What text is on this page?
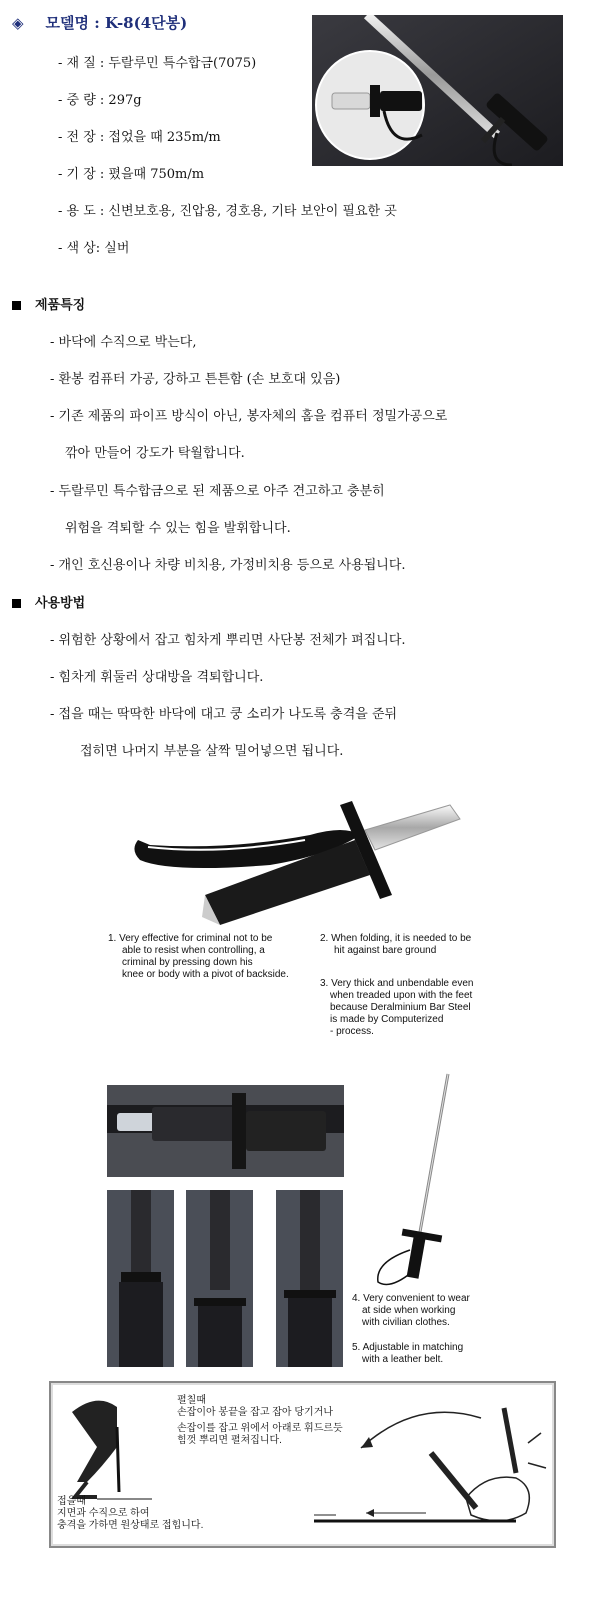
◈ 모델명 : K-8(4단봉)
- 재 질 : 두랄루민 특수합금(7075)
- 중 량 : 297g
- 전 장 : 접었을 때 235m/m
- 기 장 : 폈을때 750m/m
- 용 도 : 신변보호용, 진압용, 경호용, 기타 보안이 필요한 곳
- 색 상: 실버
제품특징
- 바닥에 수직으로 박는다,
- 환봉 컴퓨터 가공, 강하고 튼튼함 (손 보호대 있음)
- 기존 제품의 파이프 방식이 아닌, 봉자체의 홈을 컴퓨터 정밀가공으로
깎아 만들어 강도가 탁월합니다.
- 두랄루민 특수합금으로 된 제품으로 아주 견고하고 충분히
위험을 격퇴할 수 있는 힘을 발휘합니다.
- 개인 호신용이나 차량 비치용, 가정비치용 등으로 사용됩니다.
사용방법
- 위험한 상황에서 잡고 힘차게 뿌리면 사단봉 전체가 펴집니다.
- 힘차게 휘둘러 상대방을 격퇴합니다.
- 접을 때는 딱딱한 바닥에 대고 쿵 소리가 나도록 충격을 준뒤
접히면 나머지 부분을 살짝 밀어넣으면 됩니다.
1. Very effective for criminal not to be
able to resist when controlling, a
criminal by pressing down his
knee or body with a pivot of backside.
2. When folding, it is needed to be
hit against bare ground
3. Very thick and unbendable even
when treaded upon with the feet
because Deralminium Bar Steel
is made by Computerized
- process.
4. Very convenient to wear
at side when working
with civilian clothes.
5. Adjustable in matching
with a leather belt.
펼칠때
손잡이아 봉끝을 잡고 잡아 당기거나
손잡이를 잡고 위에서 아래로 휘드르듯
힘껏 뿌리면 펼쳐집니다.
접을때
지면과 수직으로 하여
충격을 가하면 원상태로 접힙니다.
